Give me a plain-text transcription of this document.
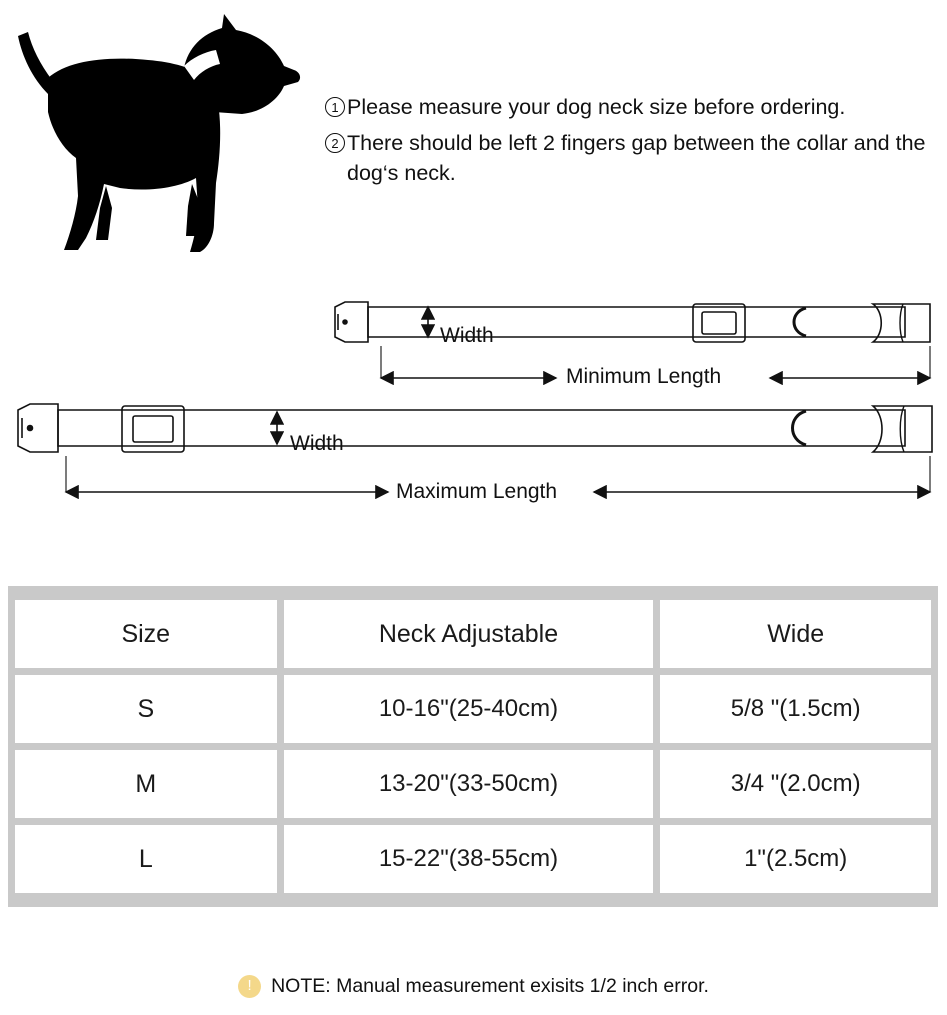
1 Please measure your dog neck size before ordering.
2 There should be left 2 fingers gap between the collar and the dog‘s neck.
Width
Minimum Length
Width
Maximum Length
Size		Neck Adjustable		Wide
S		10-16"(25-40cm)		5/8 "(1.5cm)
M		13-20"(33-50cm)		3/4 "(2.0cm)
L		15-22"(38-55cm)		1"(2.5cm)
! NOTE: Manual measurement exisits 1/2 inch error.
